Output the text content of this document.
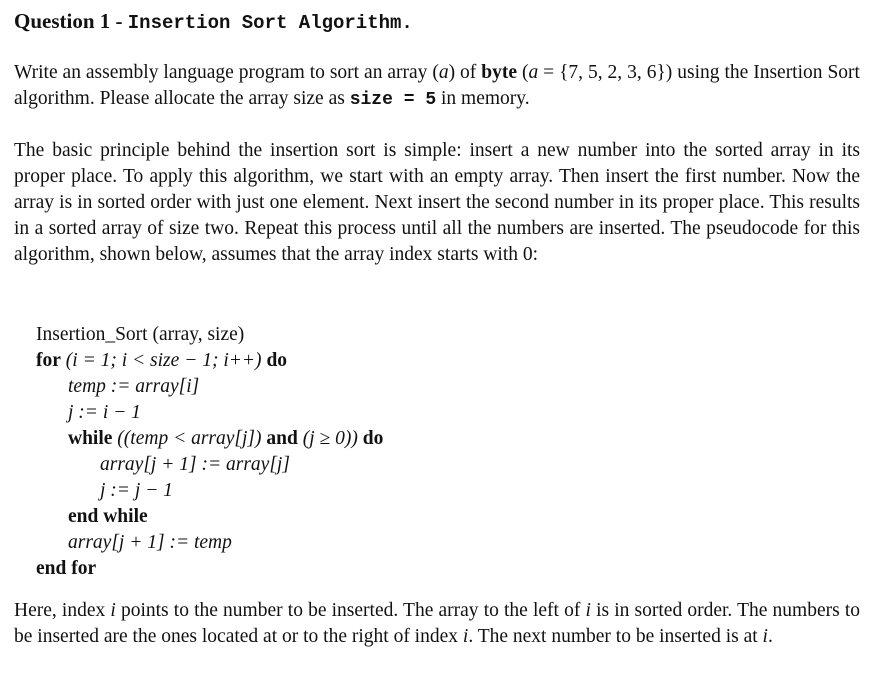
Question 1 - Insertion Sort Algorithm.
Write an assembly language program to sort an array (a) of byte (a = {7, 5, 2, 3, 6}) using the Insertion Sort algorithm. Please allocate the array size as size = 5 in memory.
The basic principle behind the insertion sort is simple: insert a new number into the sorted array in its proper place. To apply this algorithm, we start with an empty array. Then insert the first number. Now the array is in sorted order with just one element. Next insert the second number in its proper place. This results in a sorted array of size two. Repeat this process until all the numbers are inserted. The pseudocode for this algorithm, shown below, assumes that the array index starts with 0:
Insertion_Sort (array, size)
for (i = 1; i < size − 1; i++) do
temp := array[i]
j := i − 1
while ((temp < array[j]) and (j ≥ 0)) do
array[j + 1] := array[j]
j := j − 1
end while
array[j + 1] := temp
end for
Here, index i points to the number to be inserted. The array to the left of i is in sorted order. The numbers to be inserted are the ones located at or to the right of index i. The next number to be inserted is at i.
